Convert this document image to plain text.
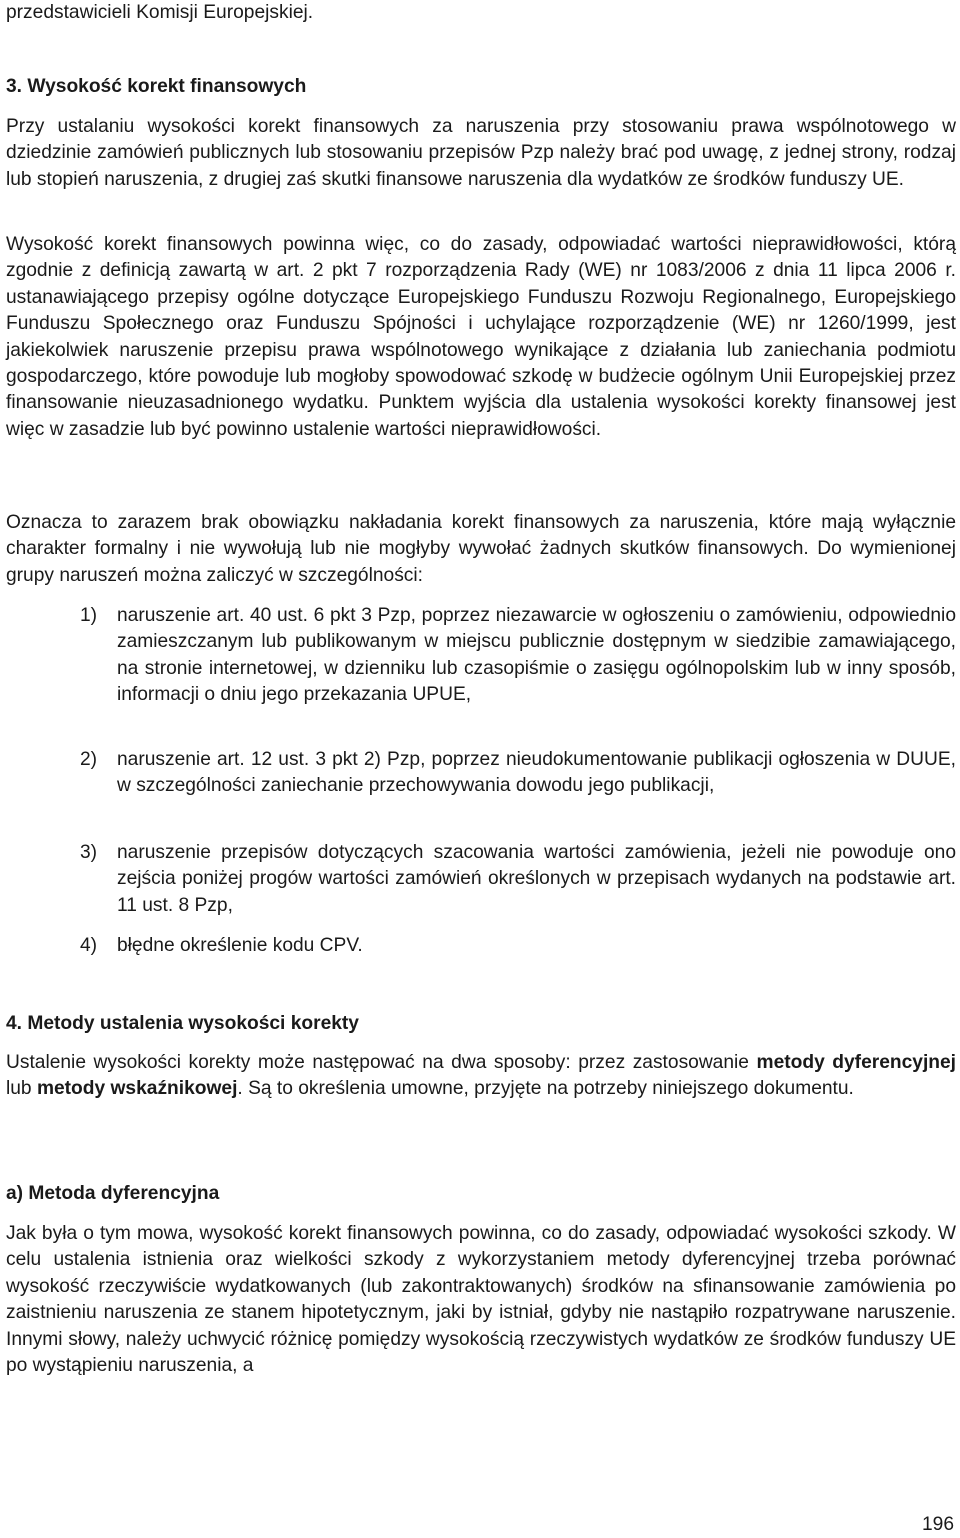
przedstawicieli Komisji Europejskiej.

3. Wysokość korekt finansowych

Przy ustalaniu wysokości korekt finansowych za naruszenia przy stosowaniu prawa wspólnotowego w dziedzinie zamówień publicznych lub stosowaniu przepisów Pzp należy brać pod uwagę, z jednej strony, rodzaj lub stopień naruszenia, z drugiej zaś skutki finansowe naruszenia dla wydatków ze środków funduszy UE.

Wysokość korekt finansowych powinna więc, co do zasady, odpowiadać wartości nieprawidłowości, którą zgodnie z definicją zawartą w art. 2 pkt 7 rozporządzenia Rady (WE) nr 1083/2006 z dnia 11 lipca 2006 r. ustanawiającego przepisy ogólne dotyczące Europejskiego Funduszu Rozwoju Regionalnego, Europejskiego Funduszu Społecznego oraz Funduszu Spójności i uchylające rozporządzenie (WE) nr 1260/1999, jest jakiekolwiek naruszenie przepisu prawa wspólnotowego wynikające z działania lub zaniechania podmiotu gospodarczego, które powoduje lub mogłoby spowodować szkodę w budżecie ogólnym Unii Europejskiej przez finansowanie nieuzasadnionego wydatku. Punktem wyjścia dla ustalenia wysokości korekty finansowej jest więc w zasadzie lub być powinno ustalenie wartości nieprawidłowości.

Oznacza to zarazem brak obowiązku nakładania korekt finansowych za naruszenia, które mają wyłącznie charakter formalny i nie wywołują lub nie mogłyby wywołać żadnych skutków finansowych. Do wymienionej grupy naruszeń można zaliczyć w szczególności:

1) naruszenie art. 40 ust. 6 pkt 3 Pzp, poprzez niezawarcie w ogłoszeniu o zamówieniu, odpowiednio zamieszczanym lub publikowanym w miejscu publicznie dostępnym w siedzibie zamawiającego, na stronie internetowej, w dzienniku lub czasopiśmie o zasięgu ogólnopolskim lub w inny sposób, informacji o dniu jego przekazania UPUE,
2) naruszenie art. 12 ust. 3 pkt 2) Pzp, poprzez nieudokumentowanie publikacji ogłoszenia w DUUE, w szczególności zaniechanie przechowywania dowodu jego publikacji,
3) naruszenie przepisów dotyczących szacowania wartości zamówienia, jeżeli nie powoduje ono zejścia poniżej progów wartości zamówień określonych w przepisach wydanych na podstawie art. 11 ust. 8 Pzp,
4) błędne określenie kodu CPV.

4. Metody ustalenia wysokości korekty

Ustalenie wysokości korekty może następować na dwa sposoby: przez zastosowanie metody dyferencyjnej lub metody wskaźnikowej. Są to określenia umowne, przyjęte na potrzeby niniejszego dokumentu.

a) Metoda dyferencyjna

Jak była o tym mowa, wysokość korekt finansowych powinna, co do zasady, odpowiadać wysokości szkody. W celu ustalenia istnienia oraz wielkości szkody z wykorzystaniem metody dyferencyjnej trzeba porównać wysokość rzeczywiście wydatkowanych (lub zakontraktowanych) środków na sfinansowanie zamówienia po zaistnieniu naruszenia ze stanem hipotetycznym, jaki by istniał, gdyby nie nastąpiło rozpatrywane naruszenie. Innymi słowy, należy uchwycić różnicę pomiędzy wysokością rzeczywistych wydatków ze środków funduszy UE po wystąpieniu naruszenia, a

196
